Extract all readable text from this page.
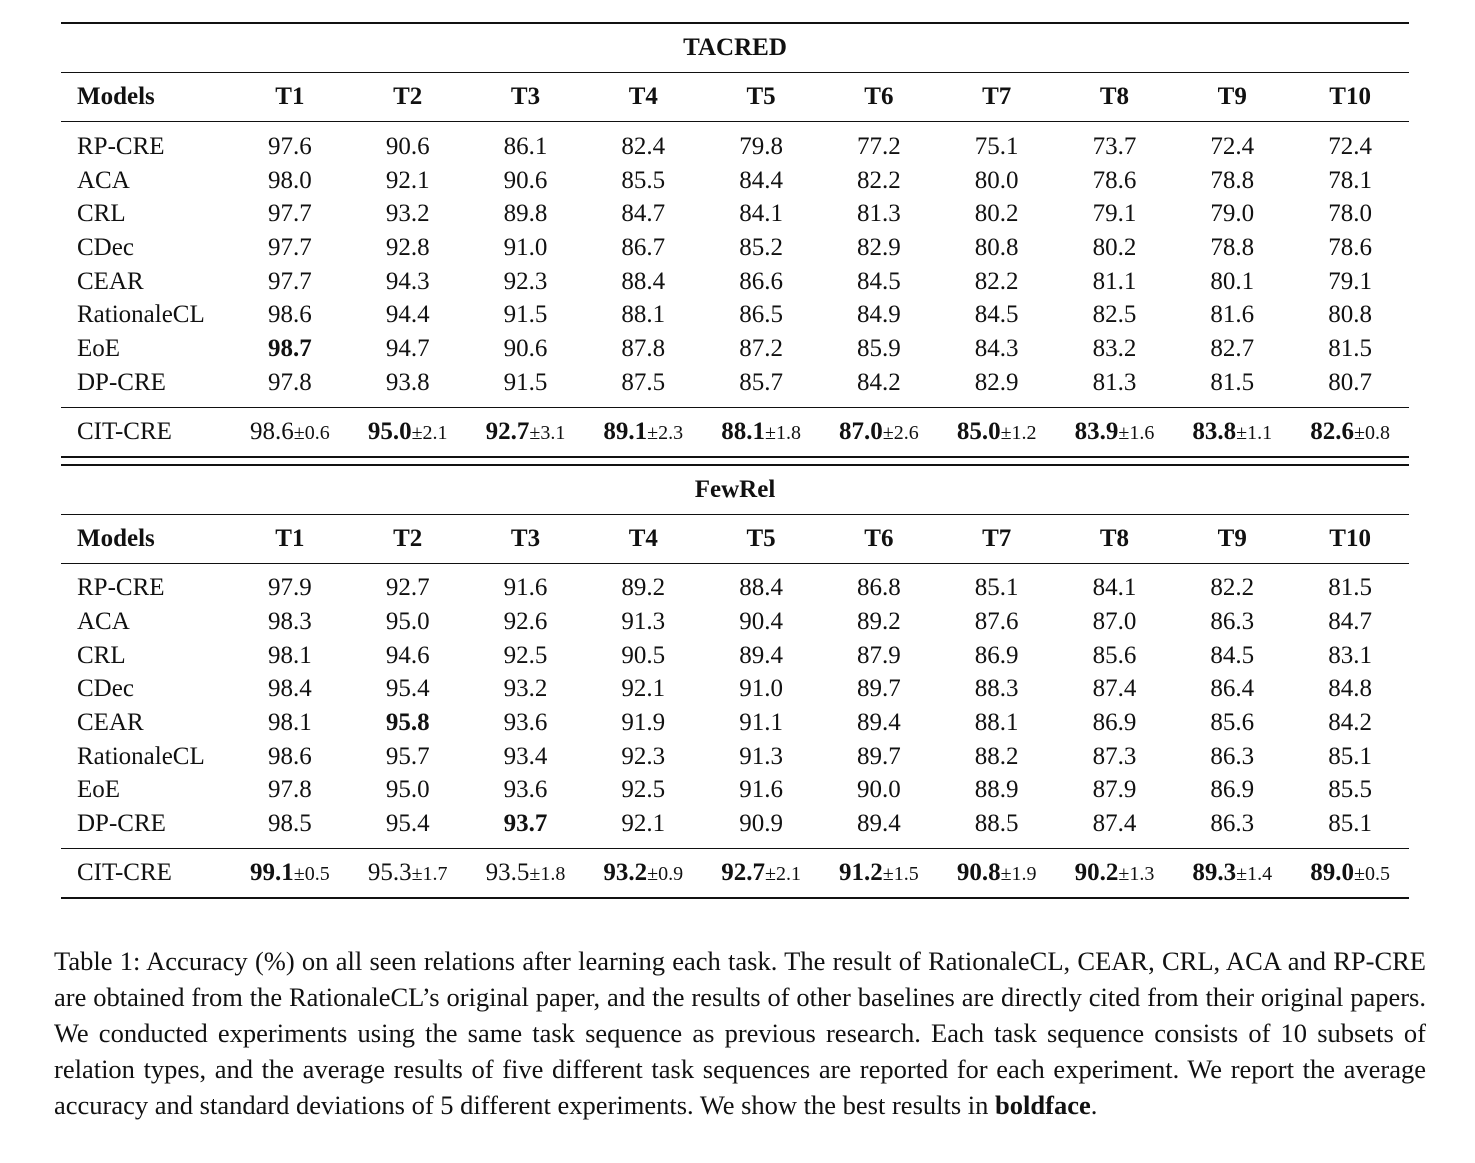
TACRED										
Models	T1	T2	T3	T4	T5	T6	T7	T8	T9	T10
RP-CRE	97.6	90.6	86.1	82.4	79.8	77.2	75.1	73.7	72.4	72.4
ACA	98.0	92.1	90.6	85.5	84.4	82.2	80.0	78.6	78.8	78.1
CRL	97.7	93.2	89.8	84.7	84.1	81.3	80.2	79.1	79.0	78.0
CDec	97.7	92.8	91.0	86.7	85.2	82.9	80.8	80.2	78.8	78.6
CEAR	97.7	94.3	92.3	88.4	86.6	84.5	82.2	81.1	80.1	79.1
RationaleCL	98.6	94.4	91.5	88.1	86.5	84.9	84.5	82.5	81.6	80.8
EoE	98.7	94.7	90.6	87.8	87.2	85.9	84.3	83.2	82.7	81.5
DP-CRE	97.8	93.8	91.5	87.5	85.7	84.2	82.9	81.3	81.5	80.7
CIT-CRE	98.6±0.6	95.0±2.1	92.7±3.1	89.1±2.3	88.1±1.8	87.0±2.6	85.0±1.2	83.9±1.6	83.8±1.1	82.6±0.8

FewRel										
Models	T1	T2	T3	T4	T5	T6	T7	T8	T9	T10
RP-CRE	97.9	92.7	91.6	89.2	88.4	86.8	85.1	84.1	82.2	81.5
ACA	98.3	95.0	92.6	91.3	90.4	89.2	87.6	87.0	86.3	84.7
CRL	98.1	94.6	92.5	90.5	89.4	87.9	86.9	85.6	84.5	83.1
CDec	98.4	95.4	93.2	92.1	91.0	89.7	88.3	87.4	86.4	84.8
CEAR	98.1	95.8	93.6	91.9	91.1	89.4	88.1	86.9	85.6	84.2
RationaleCL	98.6	95.7	93.4	92.3	91.3	89.7	88.2	87.3	86.3	85.1
EoE	97.8	95.0	93.6	92.5	91.6	90.0	88.9	87.9	86.9	85.5
DP-CRE	98.5	95.4	93.7	92.1	90.9	89.4	88.5	87.4	86.3	85.1
CIT-CRE	99.1±0.5	95.3±1.7	93.5±1.8	93.2±0.9	92.7±2.1	91.2±1.5	90.8±1.9	90.2±1.3	89.3±1.4	89.0±0.5

Table 1: Accuracy (%) on all seen relations after learning each task. The result of RationaleCL, CEAR, CRL, ACA and RP-CRE are obtained from the RationaleCL’s original paper, and the results of other baselines are directly cited from their original papers. We conducted experiments using the same task sequence as previous research. Each task sequence consists of 10 subsets of relation types, and the average results of five different task sequences are reported for each experiment. We report the average accuracy and standard deviations of 5 different experiments. We show the best results in boldface.
